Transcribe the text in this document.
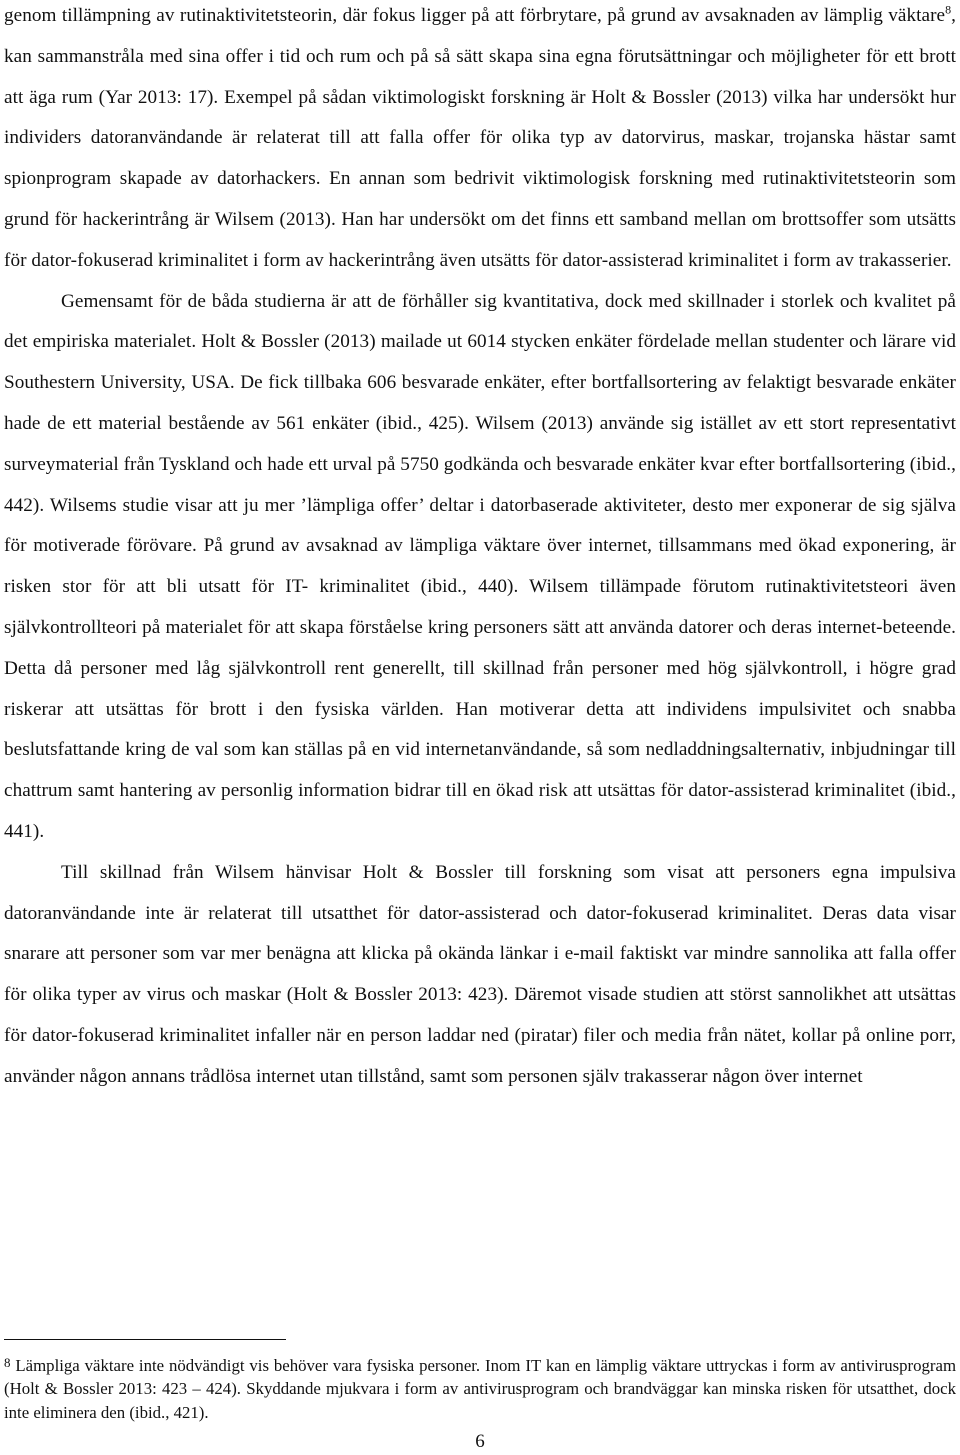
genom tillämpning av rutinaktivitetsteorin, där fokus ligger på att förbrytare, på grund av avsaknaden av lämplig väktare$^8$, kan sammanstråla med sina offer i tid och rum och på så sätt skapa sina egna förutsättningar och möjligheter för ett brott att äga rum (Yar 2013: 17). Exempel på sådan viktimologiskt forskning är Holt & Bossler (2013) vilka har undersökt hur individers datoranvändande är relaterat till att falla offer för olika typ av datorvirus, maskar, trojanska hästar samt spionprogram skapade av datorhackers. En annan som bedrivit viktimologisk forskning med rutinaktivitetsteorin som grund för hackerintrång är Wilsem (2013). Han har undersökt om det finns ett samband mellan om brottsoffer som utsätts för dator-fokuserad kriminalitet i form av hackerintrång även utsätts för dator-assisterad kriminalitet i form av trakasserier.

Gemensamt för de båda studierna är att de förhåller sig kvantitativa, dock med skillnader i storlek och kvalitet på det empiriska materialet. Holt & Bossler (2013) mailade ut 6014 stycken enkäter fördelade mellan studenter och lärare vid Southestern University, USA. De fick tillbaka 606 besvarade enkäter, efter bortfallsortering av felaktigt besvarade enkäter hade de ett material bestående av 561 enkäter (ibid., 425). Wilsem (2013) använde sig istället av ett stort representativt surveymaterial från Tyskland och hade ett urval på 5750 godkända och besvarade enkäter kvar efter bortfallsortering (ibid., 442). Wilsems studie visar att ju mer ’lämpliga offer’ deltar i datorbaserade aktiviteter, desto mer exponerar de sig själva för motiverade förövare. På grund av avsaknad av lämpliga väktare över internet, tillsammans med ökad exponering, är risken stor för att bli utsatt för IT- kriminalitet (ibid., 440). Wilsem tillämpade förutom rutinaktivitetsteori även självkontrollteori på materialet för att skapa förståelse kring personers sätt att använda datorer och deras internet-beteende. Detta då personer med låg självkontroll rent generellt, till skillnad från personer med hög självkontroll, i högre grad riskerar att utsättas för brott i den fysiska världen. Han motiverar detta att individens impulsivitet och snabba beslutsfattande kring de val som kan ställas på en vid internetanvändande, så som nedladdningsalternativ, inbjudningar till chattrum samt hantering av personlig information bidrar till en ökad risk att utsättas för dator-assisterad kriminalitet (ibid., 441).

Till skillnad från Wilsem hänvisar Holt & Bossler till forskning som visat att personers egna impulsiva datoranvändande inte är relaterat till utsatthet för dator-assisterad och dator-fokuserad kriminalitet. Deras data visar snarare att personer som var mer benägna att klicka på okända länkar i e-mail faktiskt var mindre sannolika att falla offer för olika typer av virus och maskar (Holt & Bossler 2013: 423). Däremot visade studien att störst sannolikhet att utsättas för dator-fokuserad kriminalitet infaller när en person laddar ned (piratar) filer och media från nätet, kollar på online porr, använder någon annans trådlösa internet utan tillstånd, samt som personen själv trakasserar någon över internet

$^8$ Lämpliga väktare inte nödvändigt vis behöver vara fysiska personer. Inom IT kan en lämplig väktare uttryckas i form av antivirusprogram (Holt & Bossler 2013: 423 – 424). Skyddande mjukvara i form av antivirusprogram och brandväggar kan minska risken för utsatthet, dock inte eliminera den (ibid., 421).

6
